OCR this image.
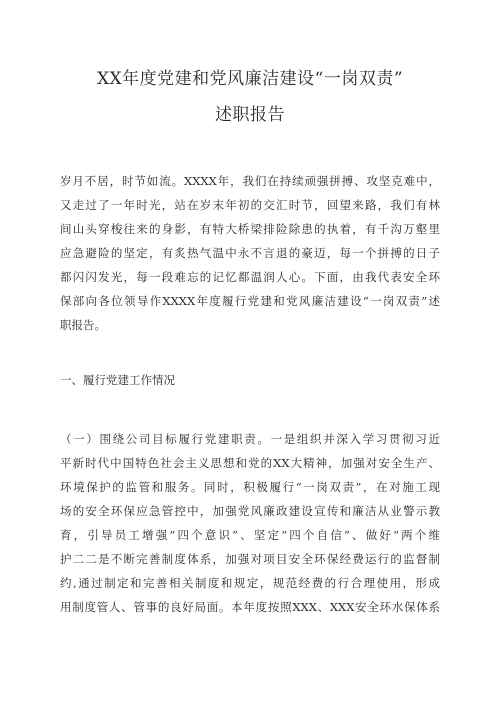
XX年度党建和党风廉洁建设“一岗双责”
述职报告
岁月不居，时节如流。XXXX年，我们在持续顽强拼搏、攻坚克难中，
又走过了一年时光，站在岁末年初的交汇时节，回望来路，我们有林
间山头穿梭往来的身影，有特大桥梁排险除患的执着，有千沟万壑里
应急避险的坚定，有炙热气温中永不言退的豪迈，每一个拼搏的日子
都闪闪发光，每一段难忘的记忆都温润人心。下面，由我代表安全环
保部向各位领导作XXXX年度履行党建和党风廉洁建设“一岗双责”述
职报告。
一、履行党建工作情况
（一）围绕公司目标履行党建职责。一是组织并深入学习贯彻习近
平新时代中国特色社会主义思想和党的XX大精神，加强对安全生产、
环境保护的监管和服务。同时，积极履行“一岗双责”，在对施工现
场的安全环保应急管控中，加强党风廉政建设宣传和廉洁从业警示教
育，引导员工增强“四个意识”、坚定“四个自信”、做好“两个维
护二二是不断完善制度体系，加强对项目安全环保经费运行的监督制
约,通过制定和完善相关制度和规定，规范经费的行合理使用，形成
用制度管人、管事的良好局面。本年度按照XXX、XXX安全环水保体系
